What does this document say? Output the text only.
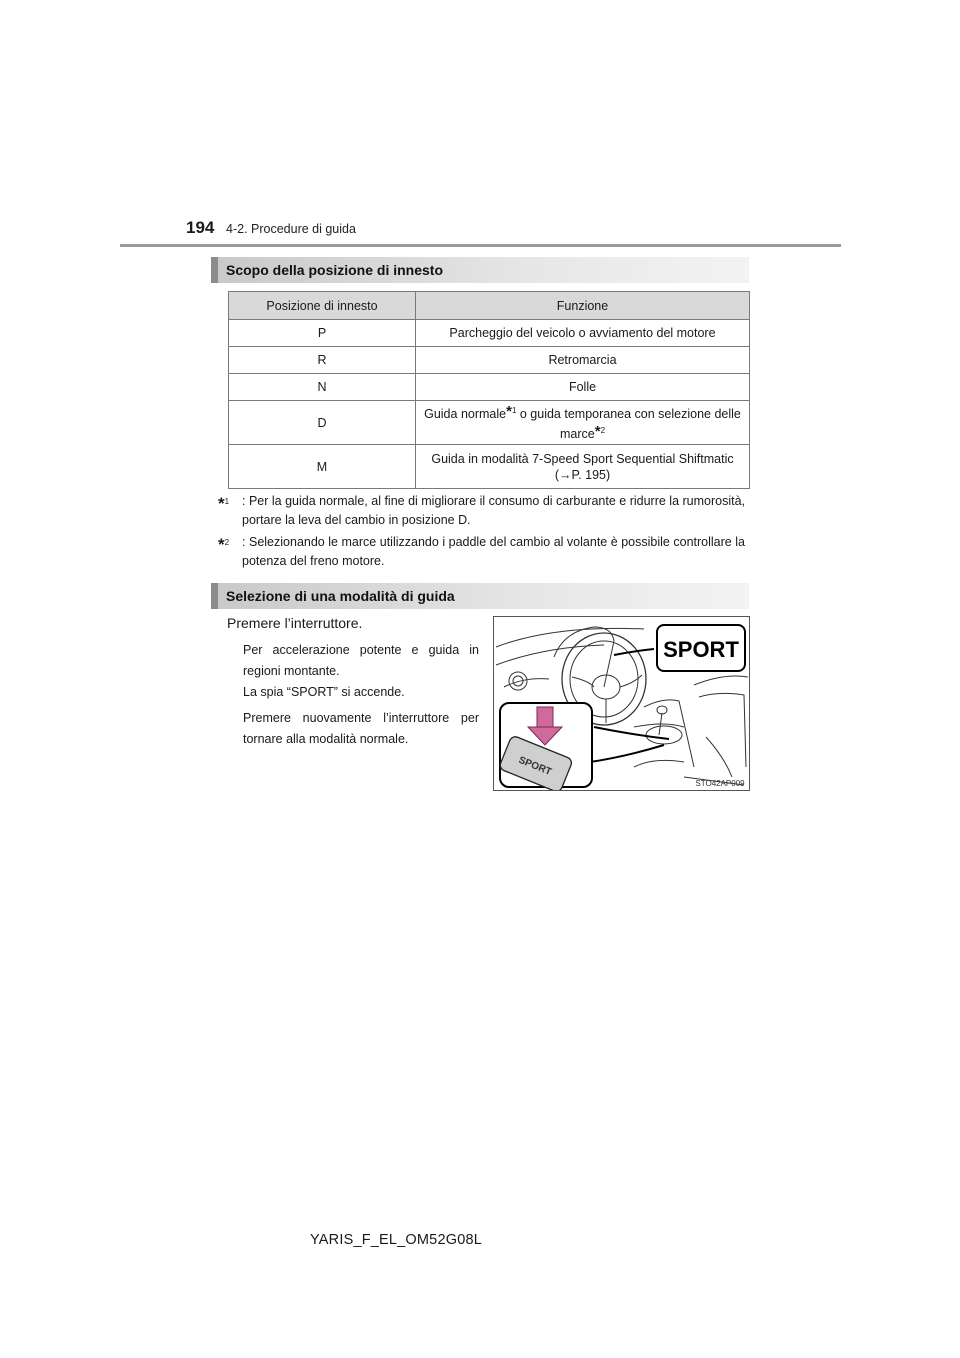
194 4-2. Procedure di guida
Scopo della posizione di innesto
Posizione di innesto	Funzione
P	Parcheggio del veicolo o avviamento del motore
R	Retromarcia
N	Folle
D	Guida normale*$^1$ o guida temporanea con selezione delle marce*$^2$
M	Guida in modalità 7-Speed Sport Sequential Shiftmatic
(→P. 195)
*$^1$	: Per la guida normale, al fine di migliorare il consumo di carburante e ridurre la rumorosità, portare la leva del cambio in posizione D.
*$^2$	: Selezionando le marce utilizzando i paddle del cambio al volante è possibile controllare la potenza del freno motore.
Selezione di una modalità di guida
Premere l’interruttore.
Per accelerazione potente e guida in regioni montante.
La spia “SPORT” si accende.
Premere nuovamente l’interruttore per tornare alla modalità normale.
SPORT
SPORT
STO42AP009
YARIS_F_EL_OM52G08L
